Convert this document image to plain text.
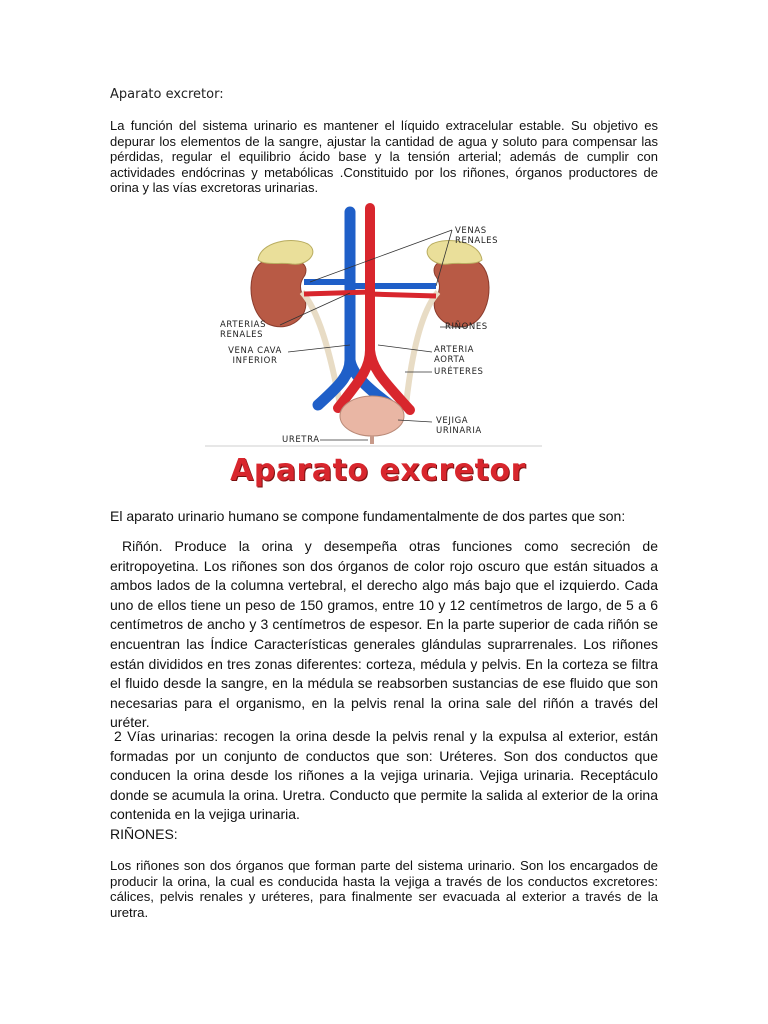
Aparato excretor:

La función del sistema urinario es mantener el líquido extracelular estable. Su objetivo es depurar los elementos de la sangre, ajustar la cantidad de agua y soluto para compensar las pérdidas, regular el equilibrio ácido base y la tensión arterial; además de cumplir con actividades endócrinas y metabólicas .Constituido por los riñones, órganos productores de orina y las vías excretoras urinarias.

VENAS RENALES
ARTERIAS RENALES
RIÑONES
VENA CAVA INFERIOR
ARTERIA AORTA
URÉTERES
VEJIGA URINARIA
URETRA
Aparato excretor

El aparato urinario humano se compone fundamentalmente de dos partes que son:

Riñón. Produce la orina y desempeña otras funciones como secreción de eritropoyetina. Los riñones son dos órganos de color rojo oscuro que están situados a ambos lados de la columna vertebral, el derecho algo más bajo que el izquierdo. Cada uno de ellos tiene un peso de 150 gramos, entre 10 y 12 centímetros de largo, de 5 a 6 centímetros de ancho y 3 centímetros de espesor. En la parte superior de cada riñón se encuentran las Índice Características generales glándulas suprarrenales. Los riñones están divididos en tres zonas diferentes: corteza, médula y pelvis. En la corteza se filtra el fluido desde la sangre, en la médula se reabsorben sustancias de ese fluido que son necesarias para el organismo, en la pelvis renal la orina sale del riñón a través del uréter.

2 Vías urinarias: recogen la orina desde la pelvis renal y la expulsa al exterior, están formadas por un conjunto de conductos que son: Uréteres. Son dos conductos que conducen la orina desde los riñones a la vejiga urinaria. Vejiga urinaria. Receptáculo donde se acumula la orina. Uretra. Conducto que permite la salida al exterior de la orina contenida en la vejiga urinaria.

RIÑONES:

Los riñones son dos órganos que forman parte del sistema urinario. Son los encargados de producir la orina, la cual es conducida hasta la vejiga a través de los conductos excretores: cálices, pelvis renales y uréteres, para finalmente ser evacuada al exterior a través de la uretra.
